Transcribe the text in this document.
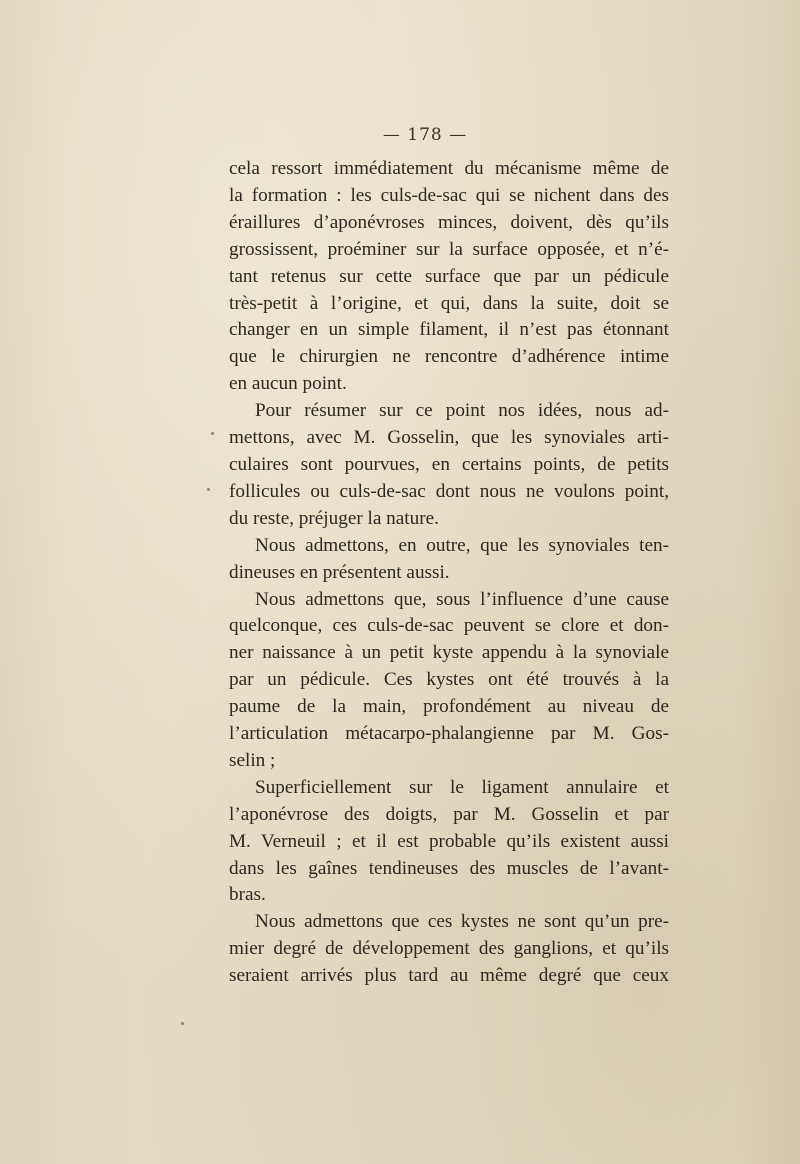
— 178 —

cela ressort immédiatement du mécanisme même de
la formation : les culs-de-sac qui se nichent dans des
éraillures d’aponévroses minces, doivent, dès qu’ils
grossissent, proéminer sur la surface opposée, et n’é-
tant retenus sur cette surface que par un pédicule
très-petit à l’origine, et qui, dans la suite, doit se
changer en un simple filament, il n’est pas étonnant
que le chirurgien ne rencontre d’adhérence intime
en aucun point.

Pour résumer sur ce point nos idées, nous ad-
mettons, avec M. Gosselin, que les synoviales arti-
culaires sont pourvues, en certains points, de petits
follicules ou culs-de-sac dont nous ne voulons point,
du reste, préjuger la nature.

Nous admettons, en outre, que les synoviales ten-
dineuses en présentent aussi.

Nous admettons que, sous l’influence d’une cause
quelconque, ces culs-de-sac peuvent se clore et don-
ner naissance à un petit kyste appendu à la synoviale
par un pédicule. Ces kystes ont été trouvés à la
paume de la main, profondément au niveau de
l’articulation métacarpo-phalangienne par M. Gos-
selin ;

Superficiellement sur le ligament annulaire et
l’aponévrose des doigts, par M. Gosselin et par
M. Verneuil ; et il est probable qu’ils existent aussi
dans les gaînes tendineuses des muscles de l’avant-
bras.

Nous admettons que ces kystes ne sont qu’un pre-
mier degré de développement des ganglions, et qu’ils
seraient arrivés plus tard au même degré que ceux
